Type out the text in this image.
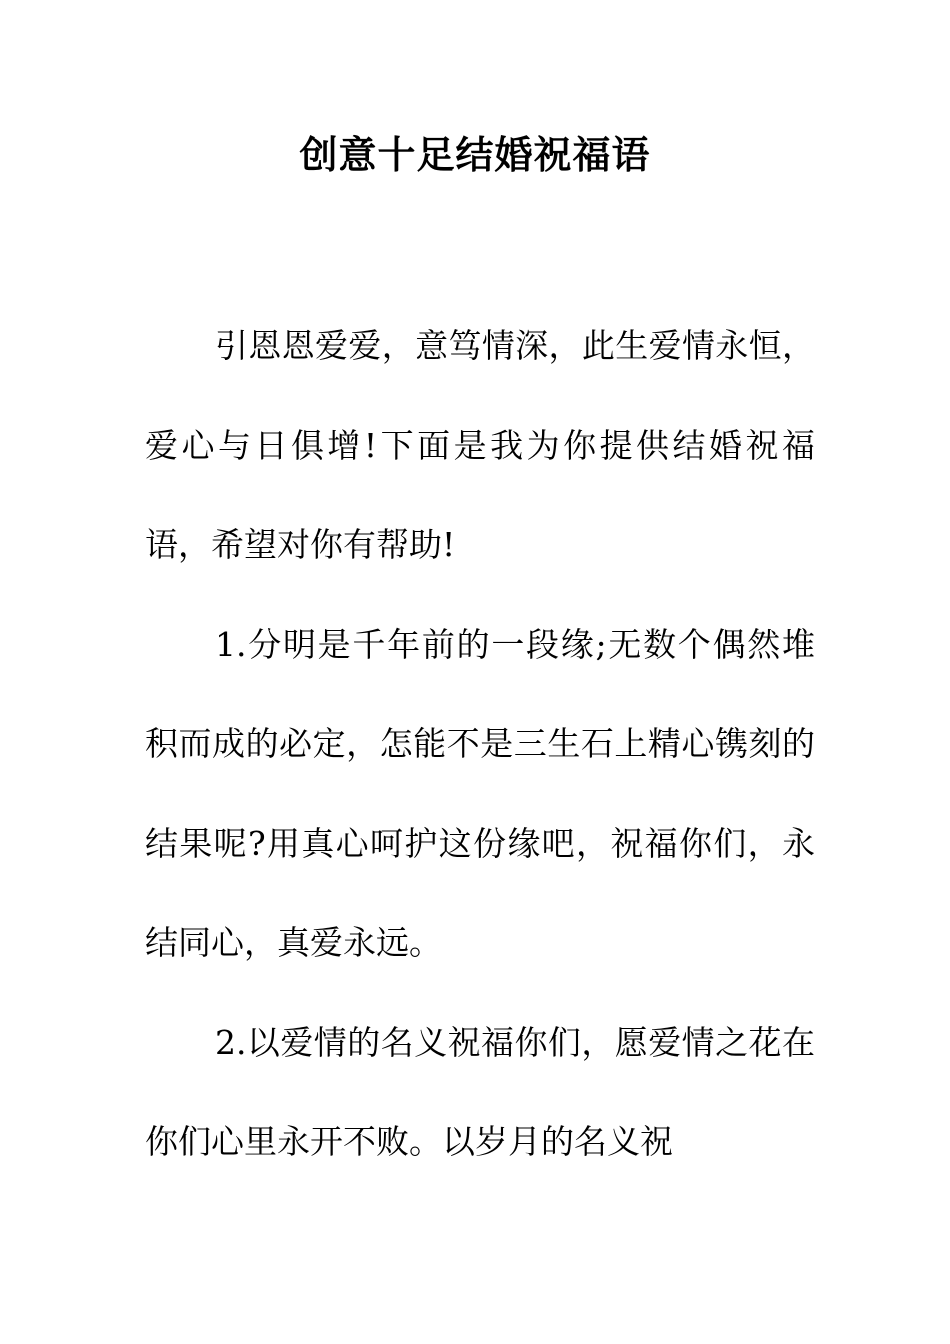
创意十足结婚祝福语

引恩恩爱爱，意笃情深，此生爱情永恒，爱心与日俱增!下面是我为你提供结婚祝福语，希望对你有帮助!

1.分明是千年前的一段缘;无数个偶然堆积而成的必定，怎能不是三生石上精心镌刻的结果呢?用真心呵护这份缘吧，祝福你们，永结同心，真爱永远。

2.以爱情的名义祝福你们，愿爱情之花在你们心里永开不败。以岁月的名义祝
